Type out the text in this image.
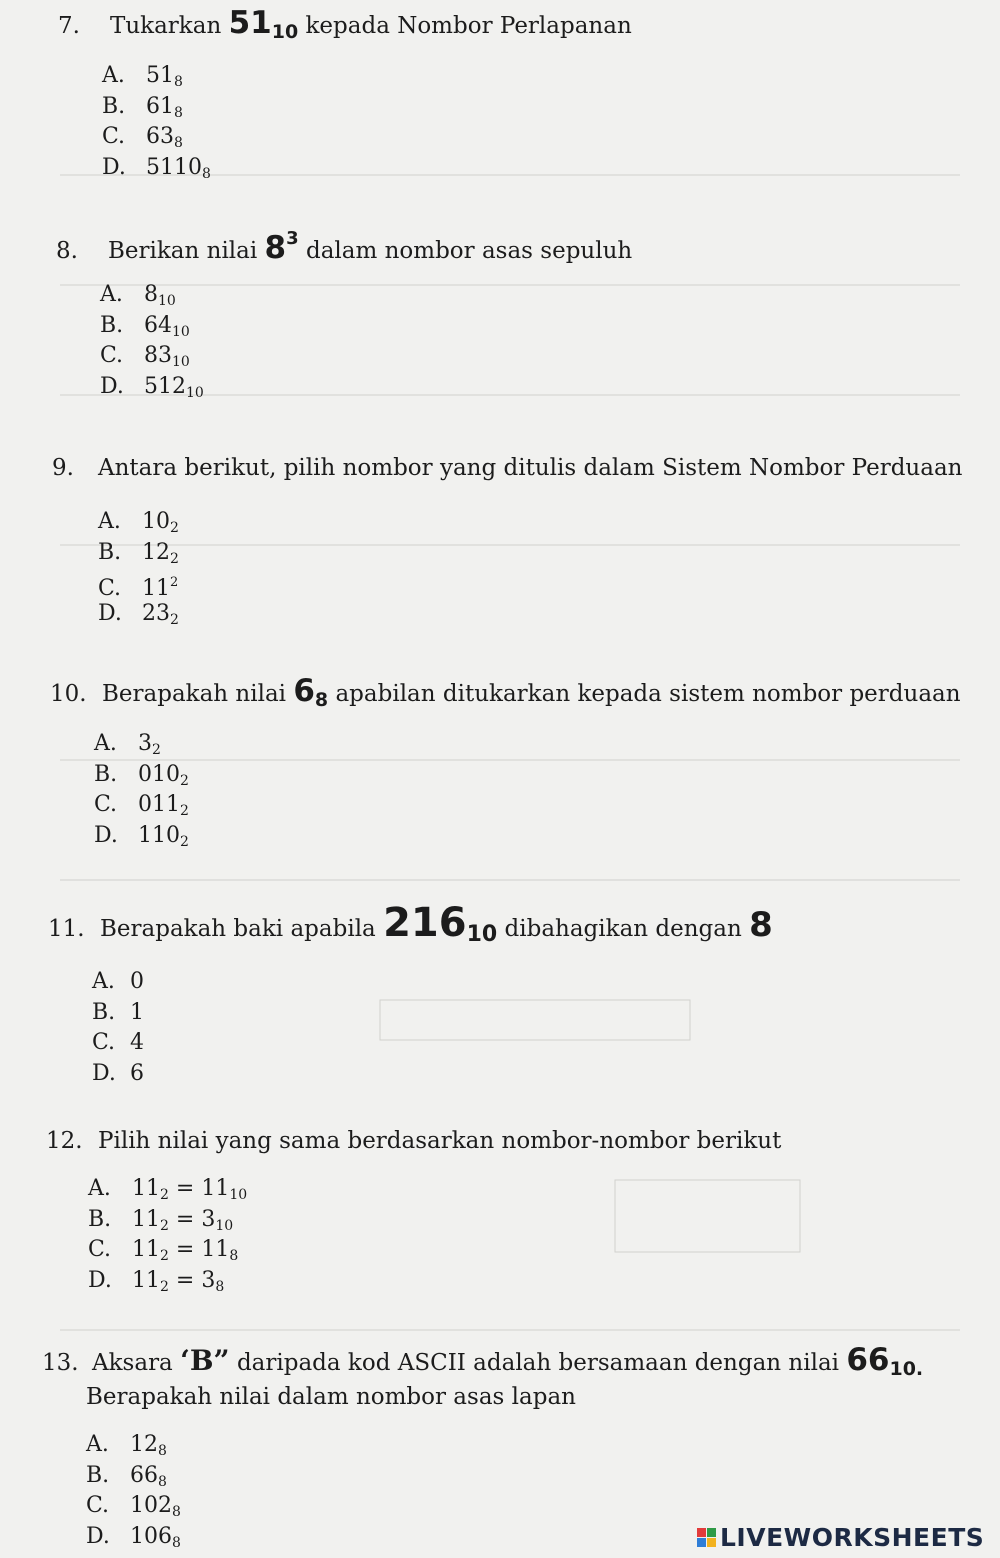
7. Tukarkan $51_{10}$ kepada Nombor Perlapanan
A. $51_8$
B. $61_8$
C. $63_8$
D. $5110_8$
8. Berikan nilai $8^3$ dalam nombor asas sepuluh
A. $8_{10}$
B. $64_{10}$
C. $83_{10}$
D. $512_{10}$
9. Antara berikut, pilih nombor yang ditulis dalam Sistem Nombor Perduaan
A. $10_2$
B. $12_2$
C. $11^2$
D. $23_2$
10. Berapakah nilai $6_8$ apabilan ditukarkan kepada sistem nombor perduaan
A. $3_2$
B. $010_2$
C. $011_2$
D. $110_2$
11. Berapakah baki apabila 21610 dibahagikan dengan 8
A. 0
B. 1
C. 4
D. 6
12. Pilih nilai yang sama berdasarkan nombor-nombor berikut
A. $11_2 = 11_{10}$
B. $11_2 = 3_{10}$
C. $11_2 = 11_8$
D. $11_2 = 3_8$
13. Aksara ‘B” daripada kod ASCII adalah bersamaan dengan nilai $66_{10.}$
Berapakah nilai dalam nombor asas lapan
A. $12_8$
B. $66_8$
C. $102_8$
D. $106_8$	LIVEWORKSHEETS
